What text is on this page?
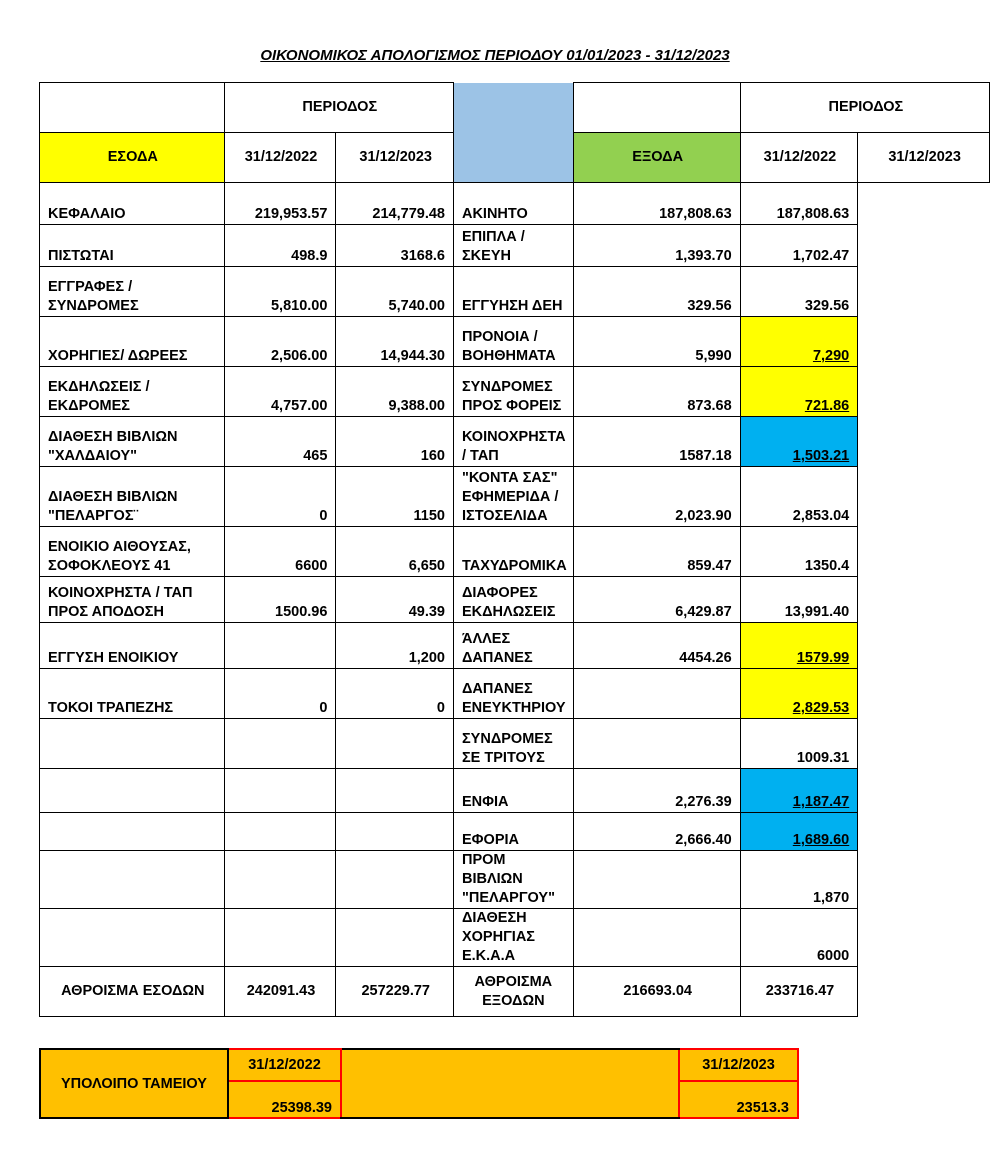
ΟΙΚΟΝΟΜΙΚΟΣ ΑΠΟΛΟΓΙΣΜΟΣ ΠΕΡΙΟΔΟΥ 01/01/2023 - 31/12/2023
	ΠΕΡΙΟΔΟΣ				ΠΕΡΙΟΔΟΣ	
ΕΣΟΔΑ	31/12/2022	31/12/2023		ΕΞΟΔΑ	31/12/2022	31/12/2023
ΚΕΦΑΛΑΙΟ	219,953.57	214,779.48	ΑΚΙΝΗΤΟ	187,808.63	187,808.63	
ΠΙΣΤΩΤΑΙ	498.9	3168.6	ΕΠΙΠΛΑ / ΣΚΕΥΗ	1,393.70	1,702.47	
ΕΓΓΡΑΦΕΣ / ΣΥΝΔΡΟΜΕΣ	5,810.00	5,740.00	ΕΓΓΥΗΣΗ ΔΕΗ	329.56	329.56	
ΧΟΡΗΓΙΕΣ/ ΔΩΡΕΕΣ	2,506.00	14,944.30	ΠΡΟΝΟΙΑ / ΒΟΗΘΗΜΑΤΑ	5,990	7,290	
ΕΚΔΗΛΩΣΕΙΣ / ΕΚΔΡΟΜΕΣ	4,757.00	9,388.00	ΣΥΝΔΡΟΜΕΣ ΠΡΟΣ ΦΟΡΕΙΣ	873.68	721.86	
ΔΙΑΘΕΣΗ ΒΙΒΛΙΩΝ "ΧΑΛΔΑΙΟΥ"	465	160	ΚΟΙΝΟΧΡΗΣΤΑ / ΤΑΠ	1587.18	1,503.21	
ΔΙΑΘΕΣΗ ΒΙΒΛΙΩΝ "ΠΕΛΑΡΓΟΣ¨	0	1150	"ΚΟΝΤΑ ΣΑΣ" ΕΦΗΜΕΡΙΔΑ / ΙΣΤΟΣΕΛΙΔΑ	2,023.90	2,853.04	
ΕΝΟΙΚΙΟ ΑΙΘΟΥΣΑΣ, ΣΟΦΟΚΛΕΟΥΣ 41	6600	6,650	ΤΑΧΥΔΡΟΜΙΚΑ	859.47	1350.4	
ΚΟΙΝΟΧΡΗΣΤΑ / ΤΑΠ ΠΡΟΣ ΑΠΟΔΟΣΗ	1500.96	49.39	ΔΙΑΦΟΡΕΣ ΕΚΔΗΛΩΣΕΙΣ	6,429.87	13,991.40	
ΕΓΓΥΣΗ ΕΝΟΙΚΙΟΥ		1,200	ΆΛΛΕΣ ΔΑΠΑΝΕΣ	4454.26	1579.99	
ΤΟΚΟΙ ΤΡΑΠΕΖΗΣ	0	0	ΔΑΠΑΝΕΣ ΕΝΕΥΚΤΗΡΙΟΥ		2,829.53	
			ΣΥΝΔΡΟΜΕΣ ΣΕ ΤΡΙΤΟΥΣ		1009.31	
			ΕΝΦΙΑ	2,276.39	1,187.47	
			ΕΦΟΡΙΑ	2,666.40	1,689.60	
			ΠΡΟΜ ΒΙΒΛΙΩΝ "ΠΕΛΑΡΓΟΥ"		1,870	
			ΔΙΑΘΕΣΗ ΧΟΡΗΓΙΑΣ Ε.Κ.Α.Α		6000	
ΑΘΡΟΙΣΜΑ ΕΣΟΔΩΝ	242091.43	257229.77	ΑΘΡΟΙΣΜΑ ΕΞΟΔΩΝ	216693.04	233716.47	
ΥΠΟΛΟΙΠΟ ΤΑΜΕΙΟΥ	31/12/2022		31/12/2023
	25398.39		23513.3
